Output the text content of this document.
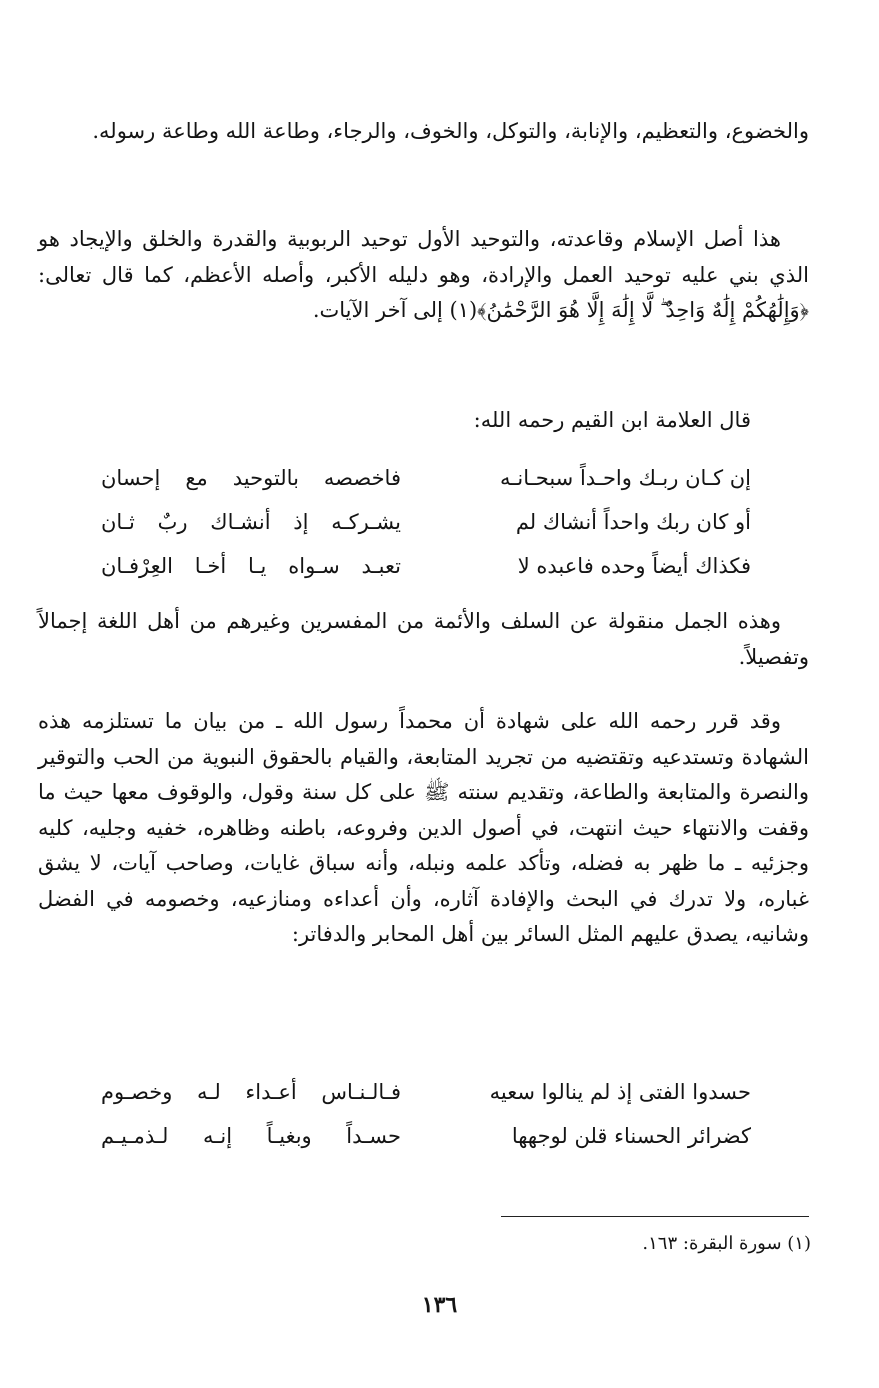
والخضوع، والتعظيم، والإنابة، والتوكل، والخوف، والرجاء، وطاعة الله وطاعة رسوله.

هذا أصل الإسلام وقاعدته، والتوحيد الأول توحيد الربوبية والقدرة والخلق والإيجاد هو الذي بني عليه توحيد العمل والإرادة، وهو دليله الأكبر، وأصله الأعظم، كما قال تعالى: ﴿وَإِلَٰهُكُمْ إِلَٰهٌ وَاحِدٌ ۖ لَّا إِلَٰهَ إِلَّا هُوَ الرَّحْمَٰنُ﴾(١) إلى آخر الآيات.

قال العلامة ابن القيم رحمه الله:
إن كـان ربـك واحـداً سبحـانـه
فاخصصه بالتوحيد مع إحسان
أو كان ربك واحداً أنشاك لم
يشـركـه إذ أنشـاك ربٌ ثـان
فكذاك أيضاً وحده فاعبده لا
تعبـد سـواه يـا أخـا العِرْفـان

وهذه الجمل منقولة عن السلف والأئمة من المفسرين وغيرهم من أهل اللغة إجمالاً وتفصيلاً.

وقد قرر رحمه الله على شهادة أن محمداً رسول الله ـ من بيان ما تستلزمه هذه الشهادة وتستدعيه وتقتضيه من تجريد المتابعة، والقيام بالحقوق النبوية من الحب والتوقير والنصرة والمتابعة والطاعة، وتقديم سنته ﷺ على كل سنة وقول، والوقوف معها حيث ما وقفت والانتهاء حيث انتهت، في أصول الدين وفروعه، باطنه وظاهره، خفيه وجليه، كليه وجزئيه ـ ما ظهر به فضله، وتأكد علمه ونبله، وأنه سباق غايات، وصاحب آيات، لا يشق غباره، ولا تدرك في البحث والإفادة آثاره، وأن أعداءه ومنازعيه، وخصومه في الفضل وشانيه، يصدق عليهم المثل السائر بين أهل المحابر والدفاتر:

حسدوا الفتى إذ لم ينالوا سعيه
فـالـنـاس أعـداء لـه وخصـوم
كضرائر الحسناء قلن لوجهها
حسـداً وبغيـاً إنـه لـذمـيـم
(١) سورة البقرة: ١٦٣.
١٣٦
